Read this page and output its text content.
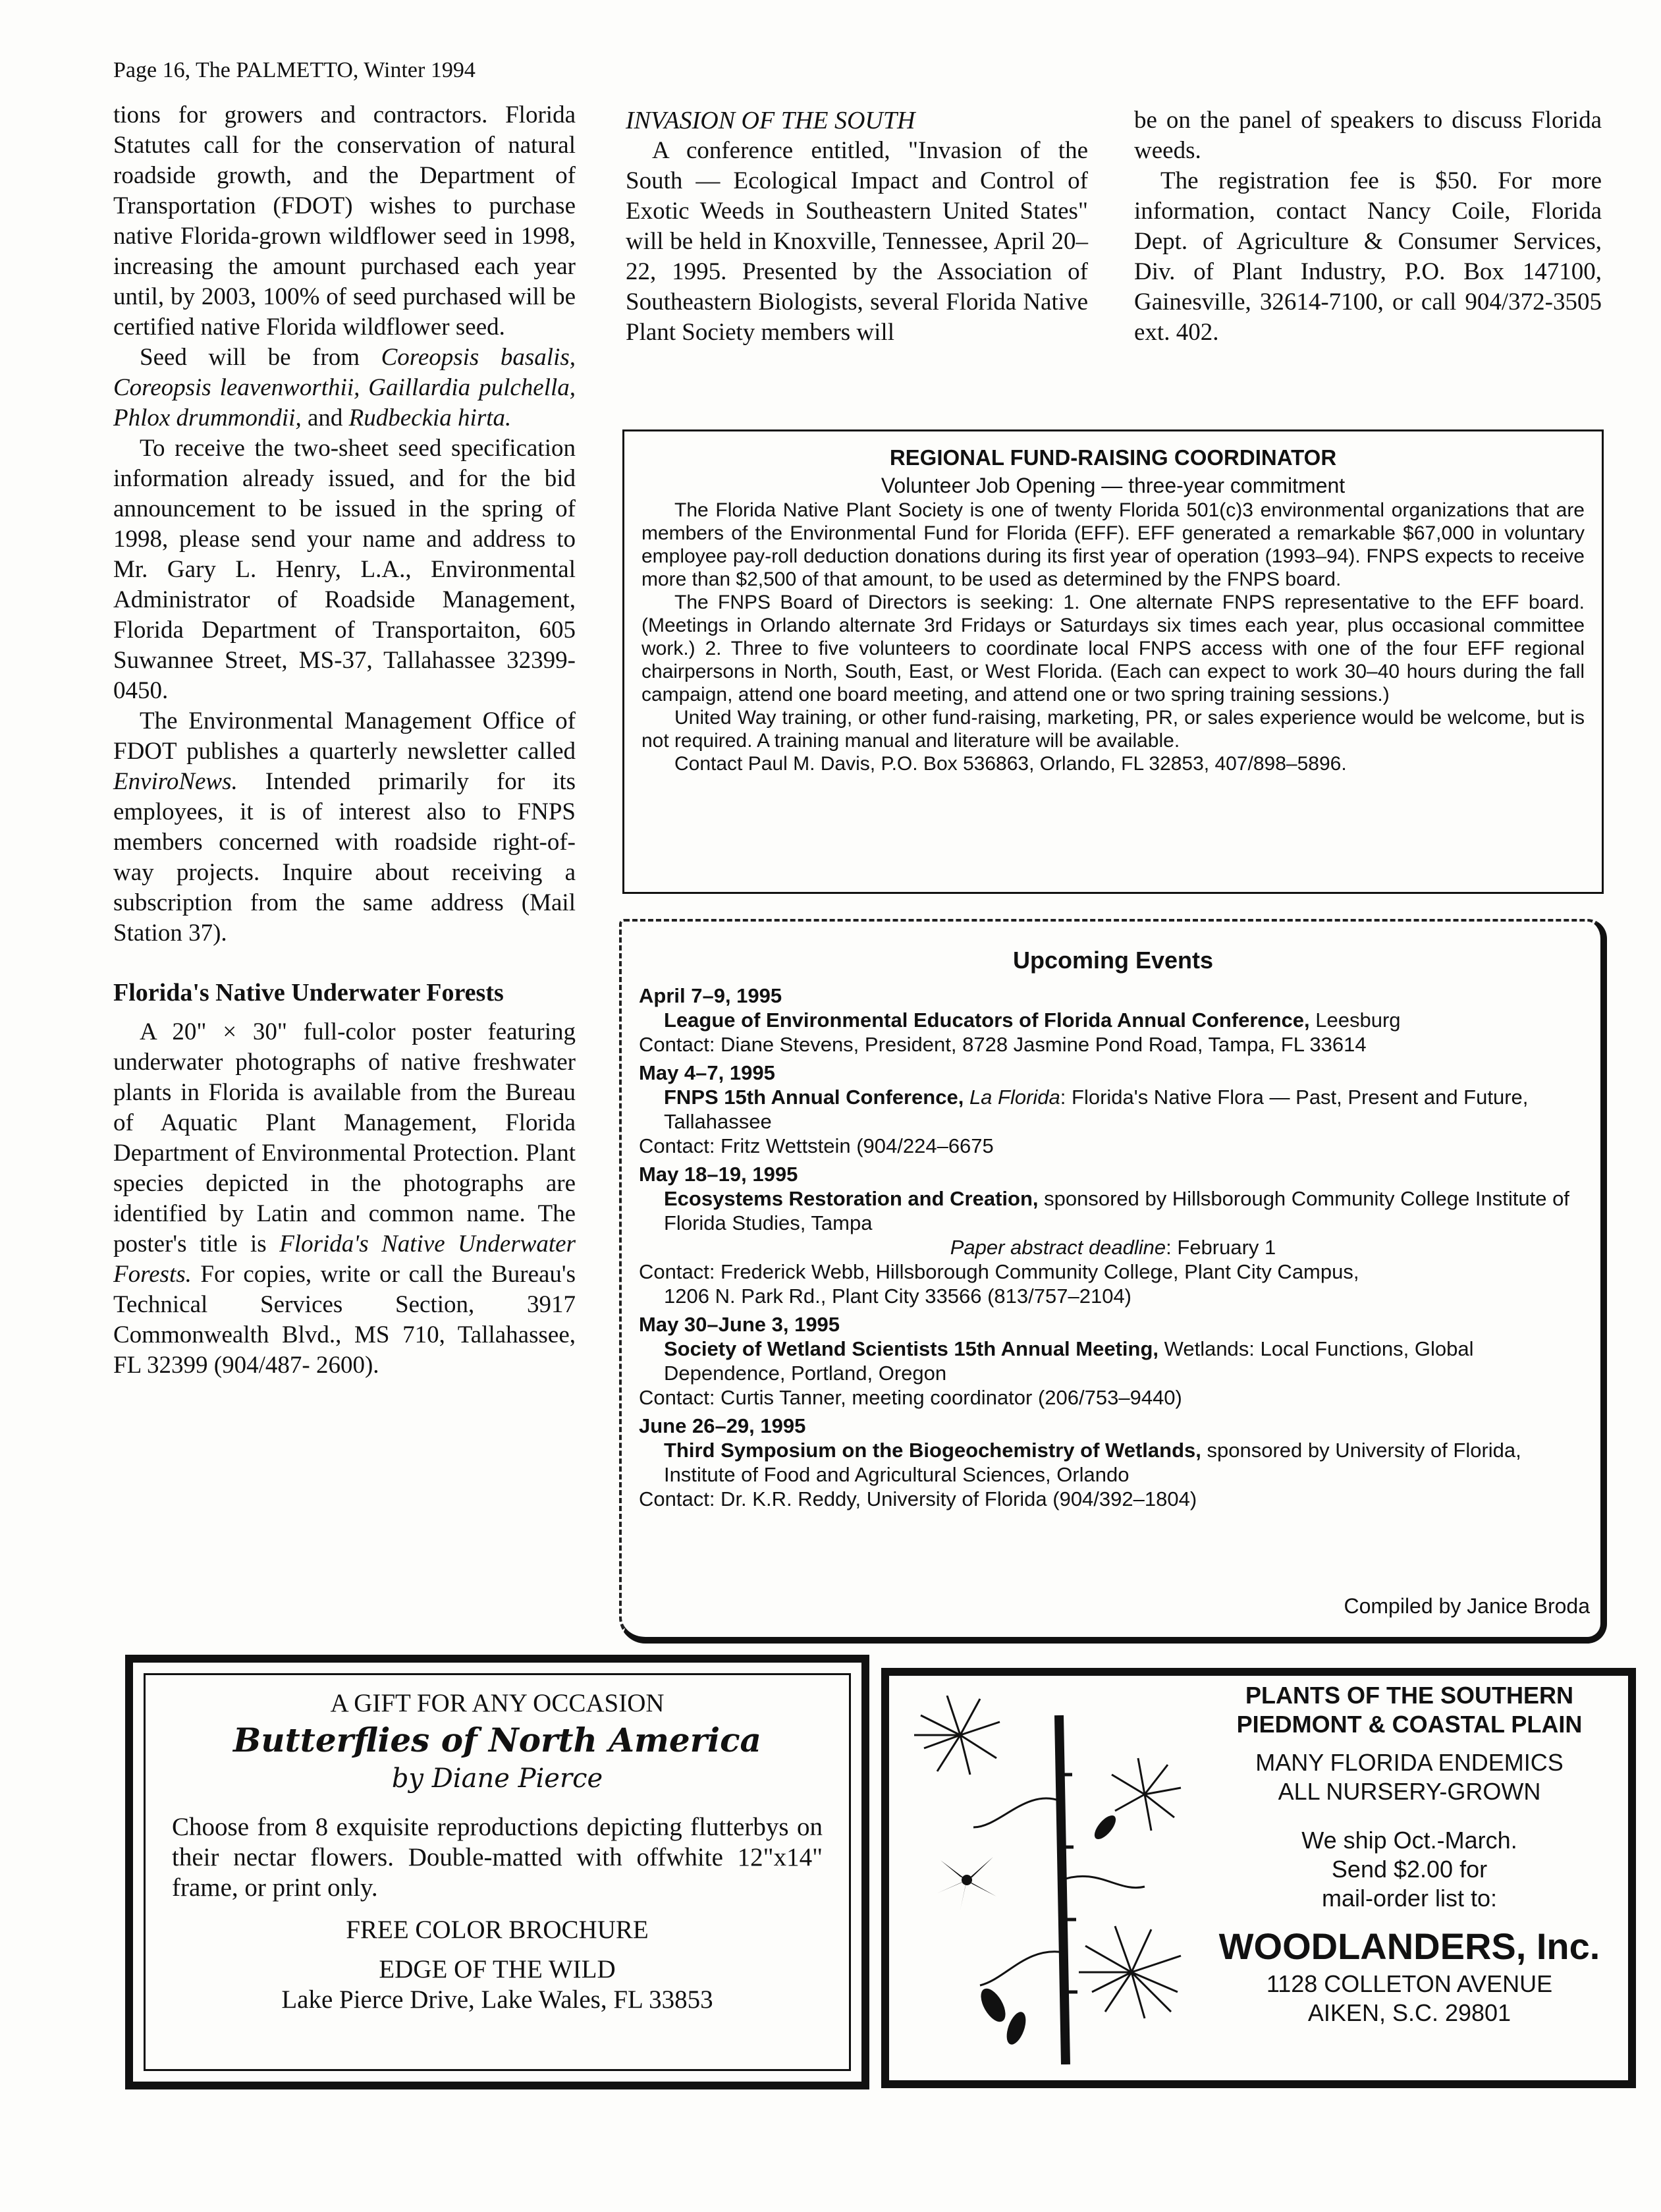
Page 16, The PALMETTO, Winter 1994

tions for growers and contractors. Florida Statutes call for the conservation of natural roadside growth, and the Department of Transportation (FDOT) wishes to purchase native Florida-grown wildflower seed in 1998, increasing the amount purchased each year until, by 2003, 100% of seed purchased will be certified native Florida wildflower seed.

Seed will be from Coreopsis basalis, Coreopsis leavenworthii, Gaillardia pulchella, Phlox drummondii, and Rudbeckia hirta.

To receive the two-sheet seed specification information already issued, and for the bid announcement to be issued in the spring of 1998, please send your name and address to Mr. Gary L. Henry, L.A., Environmental Administrator of Roadside Management, Florida Department of Transportaiton, 605 Suwannee Street, MS-37, Tallahassee 32399-0450.

The Environmental Management Office of FDOT publishes a quarterly newsletter called EnviroNews. Intended primarily for its employees, it is of interest also to FNPS members concerned with roadside right-of-way projects. Inquire about receiving a subscription from the same address (Mail Station 37).

Florida's Native Underwater Forests

A 20" × 30" full-color poster featuring underwater photographs of native freshwater plants in Florida is available from the Bureau of Aquatic Plant Management, Florida Department of Environmental Protection. Plant species depicted in the photographs are identified by Latin and common name. The poster's title is Florida's Native Underwater Forests. For copies, write or call the Bureau's Technical Services Section, 3917 Commonwealth Blvd., MS 710, Tallahassee, FL 32399 (904/487- 2600).

INVASION OF THE SOUTH

A conference entitled, "Invasion of the South — Ecological Impact and Control of Exotic Weeds in Southeastern United States" will be held in Knoxville, Tennessee, April 20–22, 1995. Presented by the Association of Southeastern Biologists, several Florida Native Plant Society members will

be on the panel of speakers to discuss Florida weeds.

The registration fee is $50. For more information, contact Nancy Coile, Florida Dept. of Agriculture & Consumer Services, Div. of Plant Industry, P.O. Box 147100, Gainesville, 32614-7100, or call 904/372-3505 ext. 402.

REGIONAL FUND-RAISING COORDINATOR
Volunteer Job Opening — three-year commitment

The Florida Native Plant Society is one of twenty Florida 501(c)3 environmental organizations that are members of the Environmental Fund for Florida (EFF). EFF generated a remarkable $67,000 in voluntary employee pay-roll deduction donations during its first year of operation (1993–94). FNPS expects to receive more than $2,500 of that amount, to be used as determined by the FNPS board.

The FNPS Board of Directors is seeking: 1. One alternate FNPS representative to the EFF board. (Meetings in Orlando alternate 3rd Fridays or Saturdays six times each year, plus occasional committee work.) 2. Three to five volunteers to coordinate local FNPS access with one of the four EFF regional chairpersons in North, South, East, or West Florida. (Each can expect to work 30–40 hours during the fall campaign, attend one board meeting, and attend one or two spring training sessions.)

United Way training, or other fund-raising, marketing, PR, or sales experience would be welcome, but is not required. A training manual and literature will be available.

Contact Paul M. Davis, P.O. Box 536863, Orlando, FL 32853, 407/898–5896.

Upcoming Events
April 7–9, 1995
League of Environmental Educators of Florida Annual Conference, Leesburg
Contact: Diane Stevens, President, 8728 Jasmine Pond Road, Tampa, FL 33614
May 4–7, 1995
FNPS 15th Annual Conference, La Florida: Florida's Native Flora — Past, Present and Future, Tallahassee
Contact: Fritz Wettstein (904/224–6675
May 18–19, 1995
Ecosystems Restoration and Creation, sponsored by Hillsborough Community College Institute of Florida Studies, Tampa
Paper abstract deadline: February 1
Contact: Frederick Webb, Hillsborough Community College, Plant City Campus,
1206 N. Park Rd., Plant City 33566 (813/757–2104)
May 30–June 3, 1995
Society of Wetland Scientists 15th Annual Meeting, Wetlands: Local Functions, Global Dependence, Portland, Oregon
Contact: Curtis Tanner, meeting coordinator (206/753–9440)
June 26–29, 1995
Third Symposium on the Biogeochemistry of Wetlands, sponsored by University of Florida, Institute of Food and Agricultural Sciences, Orlando
Contact: Dr. K.R. Reddy, University of Florida (904/392–1804)
Compiled by Janice Broda
A GIFT FOR ANY OCCASION
Butterflies of North America
by Diane Pierce
Choose from 8 exquisite reproductions depicting flutterbys on their nectar flowers. Double-matted with offwhite 12"x14" frame, or print only.
FREE COLOR BROCHURE
EDGE OF THE WILD
Lake Pierce Drive, Lake Wales, FL 33853
PLANTS OF THE SOUTHERN
PIEDMONT & COASTAL PLAIN
MANY FLORIDA ENDEMICS
ALL NURSERY-GROWN
We ship Oct.-March.
Send $2.00 for
mail-order list to:
WOODLANDERS, Inc.
1128 COLLETON AVENUE
AIKEN, S.C. 29801
